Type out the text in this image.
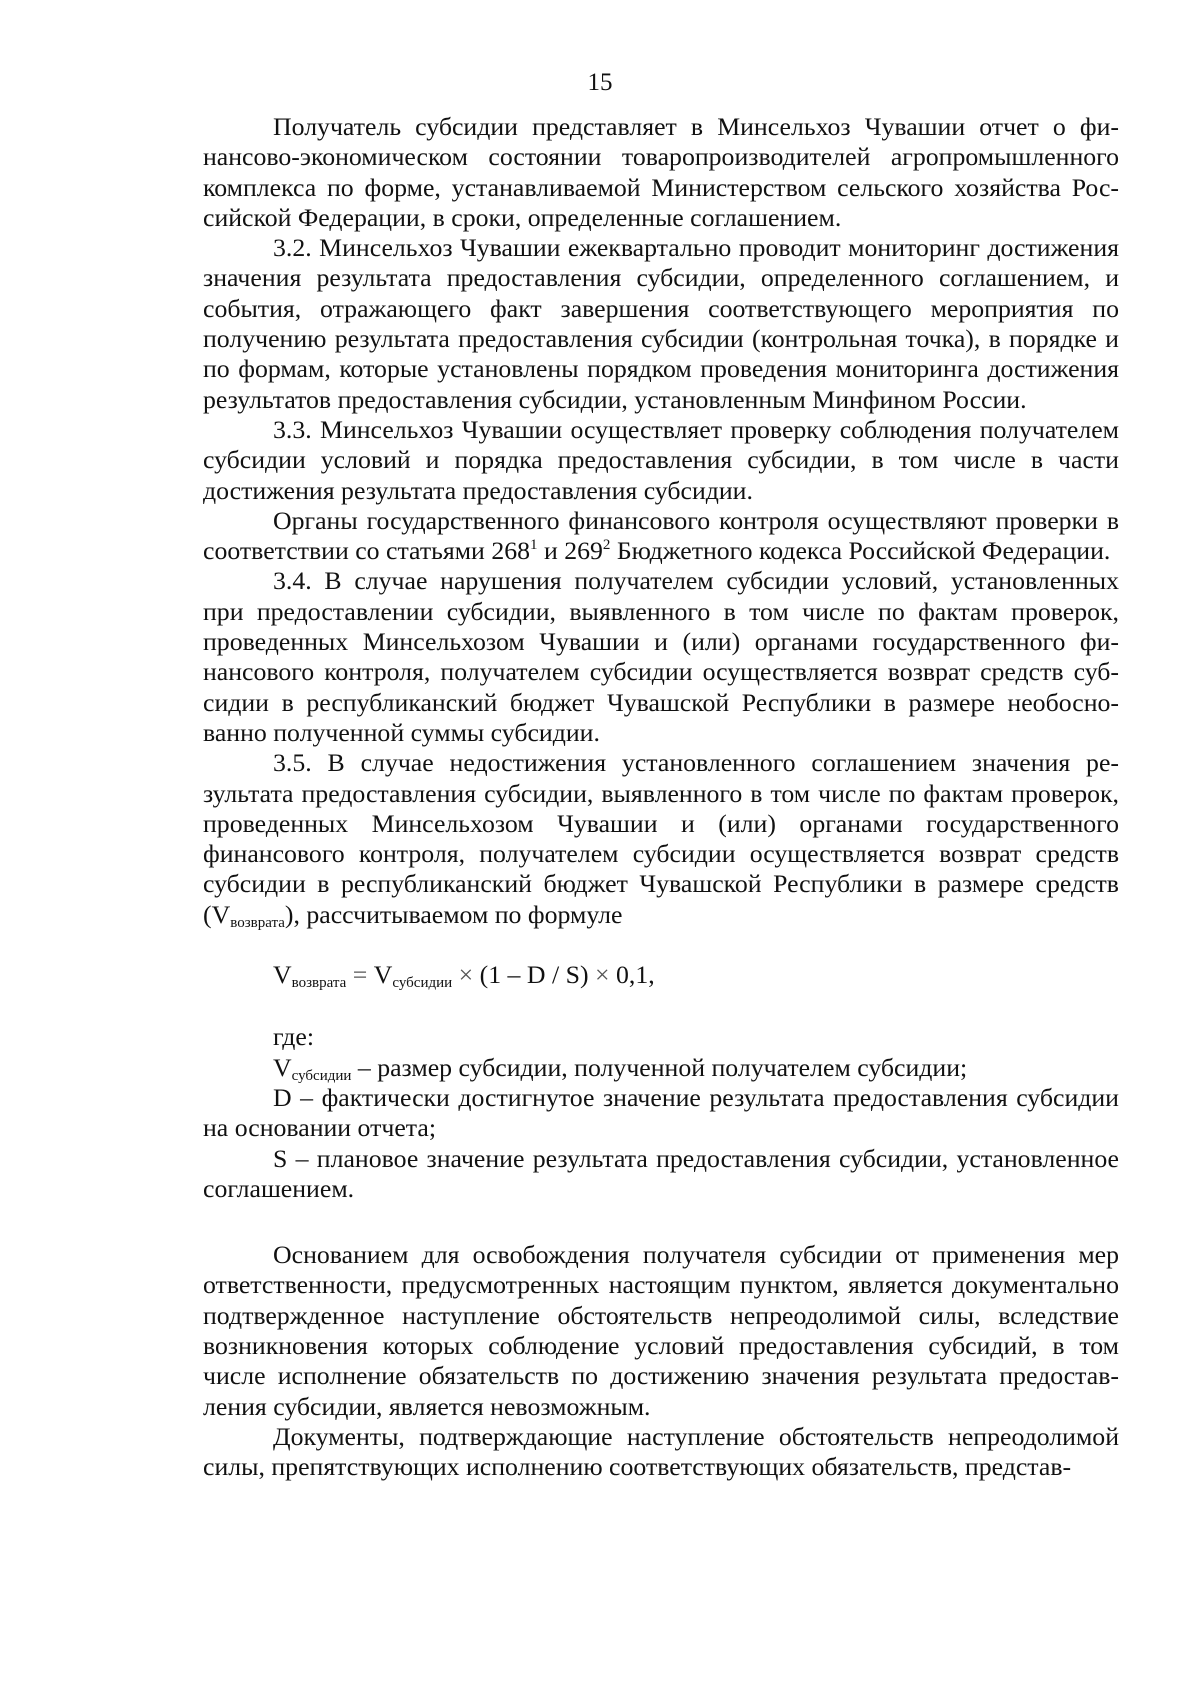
15

Получатель субсидии представляет в Минсельхоз Чувашии отчет о финансово-экономическом состоянии товаропроизводителей агропромышленного комплекса по форме, устанавливаемой Министерством сельского хозяйства Российской Федерации, в сроки, определенные соглашением.

3.2. Минсельхоз Чувашии ежеквартально проводит мониторинг достижения значения результата предоставления субсидии, определенного соглашением, и события, отражающего факт завершения соответствующего мероприятия по получению результата предоставления субсидии (контрольная точка), в порядке и по формам, которые установлены порядком проведения мониторинга достижения результатов предоставления субсидии, установленным Минфином России.

3.3. Минсельхоз Чувашии осуществляет проверку соблюдения получателем субсидии условий и порядка предоставления субсидии, в том числе в части достижения результата предоставления субсидии.

Органы государственного финансового контроля осуществляют проверки в соответствии со статьями $268^1$ и $269^2$ Бюджетного кодекса Российской Федерации.

3.4. В случае нарушения получателем субсидии условий, установленных при предоставлении субсидии, выявленного в том числе по фактам проверок, проведенных Минсельхозом Чувашии и (или) органами государственного финансового контроля, получателем субсидии осуществляется возврат средств субсидии в республиканский бюджет Чувашской Республики в размере необоснованно полученной суммы субсидии.

3.5. В случае недостижения установленного соглашением значения результата предоставления субсидии, выявленного в том числе по фактам проверок, проведенных Минсельхозом Чувашии и (или) органами государственного финансового контроля, получателем субсидии осуществляется возврат средств субсидии в республиканский бюджет Чувашской Республики в размере средств $(V_{возврата})$, рассчитываемом по формуле

$V_{возврата} = V_{субсидии} \times (1 - D / S) \times 0,1$,

где:

$V_{субсидии}$ – размер субсидии, полученной получателем субсидии;

D – фактически достигнутое значение результата предоставления субсидии на основании отчета;

S – плановое значение результата предоставления субсидии, установленное соглашением.

Основанием для освобождения получателя субсидии от применения мер ответственности, предусмотренных настоящим пунктом, является документально подтвержденное наступление обстоятельств непреодолимой силы, вследствие возникновения которых соблюдение условий предоставления субсидий, в том числе исполнение обязательств по достижению значения результата предоставления субсидии, является невозможным.

Документы, подтверждающие наступление обстоятельств непреодолимой силы, препятствующих исполнению соответствующих обязательств, представ-
